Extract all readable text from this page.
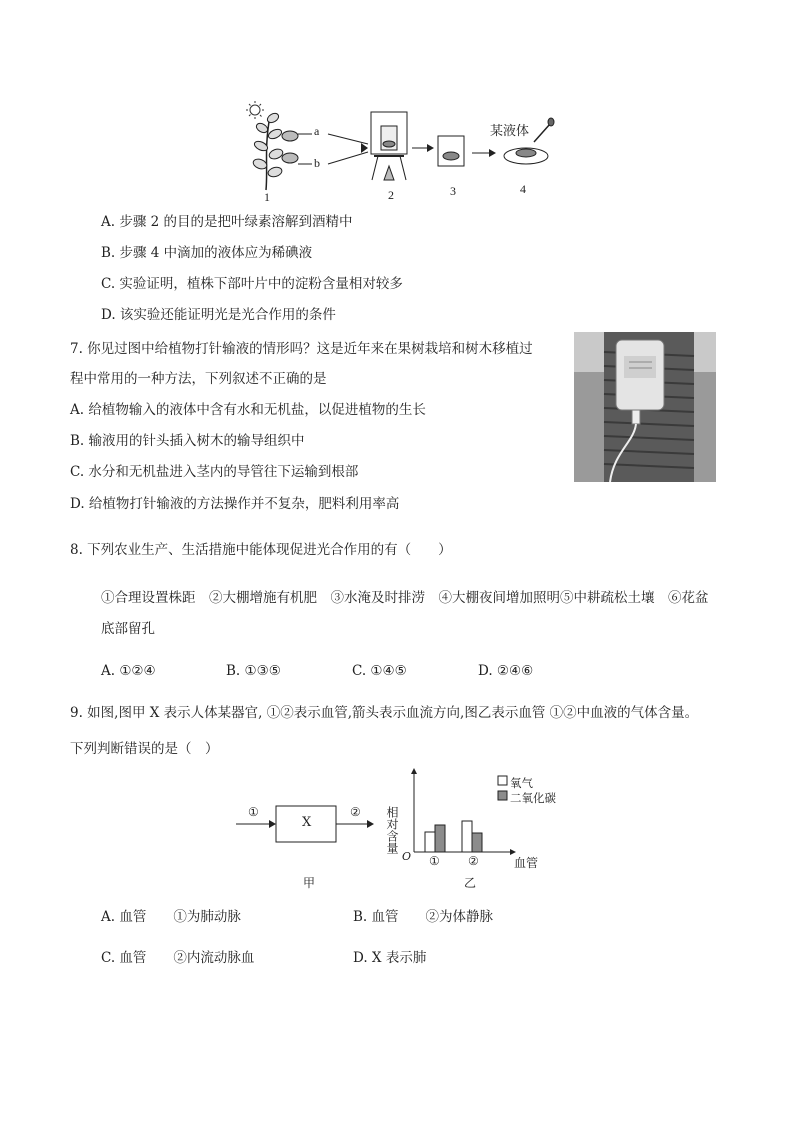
a
b
某液体
1	2	3	4
A. 步骤 2 的目的是把叶绿素溶解到酒精中
B. 步骤 4 中滴加的液体应为稀碘液
C. 实验证明，植株下部叶片中的淀粉含量相对较多
D. 该实验还能证明光是光合作用的条件
7. 你见过图中给植物打针输液的情形吗？这是近年来在果树栽培和树木移植过
程中常用的一种方法，下列叙述不正确的是
A. 给植物输入的液体中含有水和无机盐，以促进植物的生长
B. 输液用的针头插入树木的输导组织中
C. 水分和无机盐进入茎内的导管往下运输到根部
D. 给植物打针输液的方法操作并不复杂，肥料利用率高
8. 下列农业生产、生活措施中能体现促进光合作用的有（　　）
①合理设置株距　②大棚增施有机肥　③水淹及时排涝　④大棚夜间增加照明⑤中耕疏松土壤　⑥花盆
底部留孔
A. ①②④	B. ①③⑤	C. ①④⑤	D. ②④⑥
9. 如图,图甲 X 表示人体某器官, ①②表示血管,箭头表示血流方向,图乙表示血管 ①②中血液的气体含量。
下列判断错误的是（　）
①
X
②
甲
相对含量
O ① ②	血管
氧气
二氧化碳
乙
A. 血管　　①为肺动脉	B. 血管　　②为体静脉
C. 血管　　②内流动脉血	D. X 表示肺
